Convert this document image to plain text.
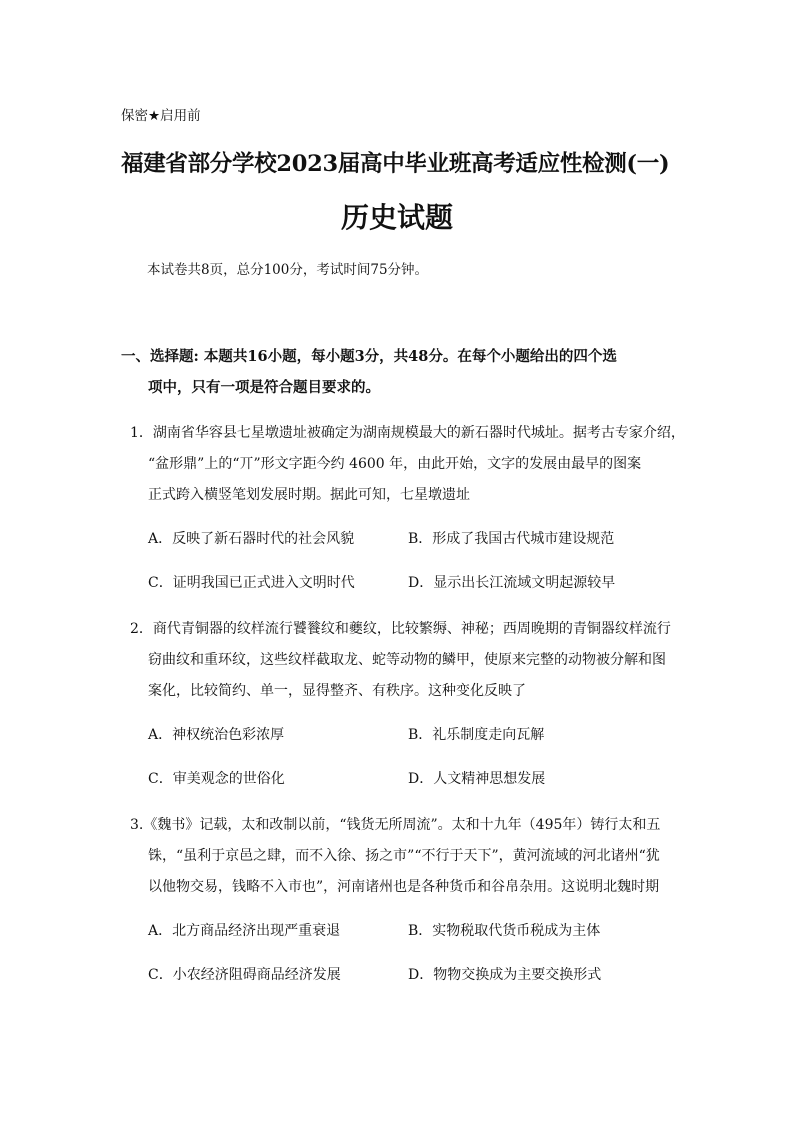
保密★启用前
福建省部分学校2023届高中毕业班高考适应性检测(一)
历史试题
本试卷共8页，总分100分，考试时间75分钟。
一、选择题: 本题共16小题，每小题3分，共48分。在每个小题给出的四个选
项中，只有一项是符合题目要求的。
1．湖南省华容县七星墩遗址被确定为湖南规模最大的新石器时代城址。据考古专家介绍，
“盆形鼎”上的“丌”形文字距今约 4600 年，由此开始，文字的发展由最早的图案
正式跨入横竖笔划发展时期。据此可知，七星墩遗址
A．反映了新石器时代的社会风貌	B．形成了我国古代城市建设规范
C．证明我国已正式进入文明时代	D．显示出长江流域文明起源较早
2．商代青铜器的纹样流行饕餮纹和夔纹，比较繁缛、神秘；西周晚期的青铜器纹样流行
窃曲纹和重环纹，这些纹样截取龙、蛇等动物的鳞甲，使原来完整的动物被分解和图
案化，比较简约、单一，显得整齐、有秩序。这种变化反映了
A．神权统治色彩浓厚	B．礼乐制度走向瓦解
C．审美观念的世俗化	D．人文精神思想发展
3.《魏书》记载，太和改制以前，“钱货无所周流”。太和十九年（495年）铸行太和五
铢，“虽利于京邑之肆，而不入徐、扬之市”“不行于天下”，黄河流域的河北诸州“犹
以他物交易，钱略不入市也”，河南诸州也是各种货币和谷帛杂用。这说明北魏时期
A．北方商品经济出现严重衰退	B．实物税取代货币税成为主体
C．小农经济阻碍商品经济发展	D．物物交换成为主要交换形式
